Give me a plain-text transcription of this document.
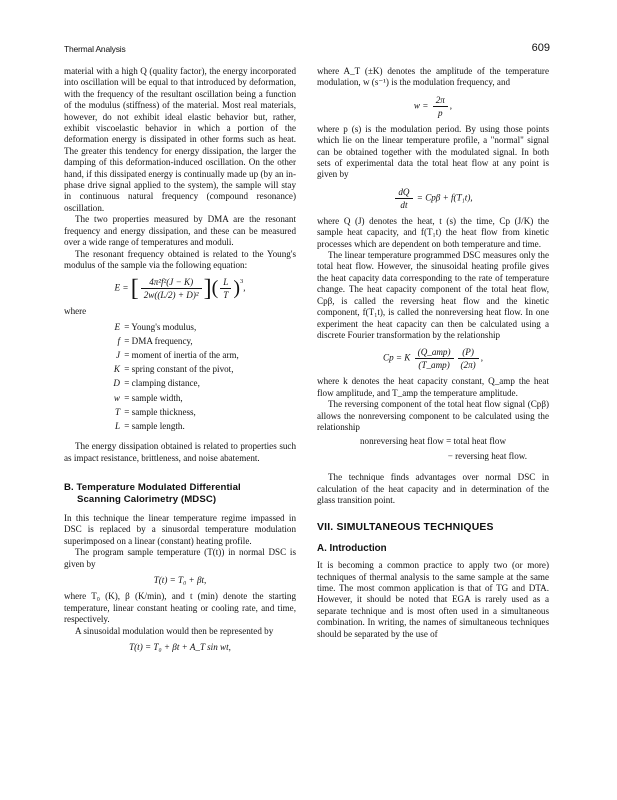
Thermal Analysis	609

material with a high Q (quality factor), the energy incorporated into oscillation will be equal to that introduced by deformation, with the frequency of the resultant oscillation being a function of the modulus (stiffness) of the material. Most real materials, however, do not exhibit ideal elastic behavior but, rather, exhibit viscoelastic behavior in which a portion of the deformation energy is dissipated in other forms such as heat. The greater this tendency for energy dissipation, the larger the damping of this deformation-induced oscillation. On the other hand, if this dissipated energy is continually made up (by an in-phase drive signal applied to the system), the sample will stay in continuous natural frequency (compound resonance) oscillation.

The two properties measured by DMA are the resonant frequency and energy dissipation, and these can be measured over a wide range of temperatures and moduli.

The resonant frequency obtained is related to the Young's modulus of the sample via the following equation:

E = [ $\frac{\text{4π²f²(J − K)}}{\text{2w((L/2) + D)²}}$ ]( $\frac{L}{T} )^3$,

where

E = Young's modulus,
f = DMA frequency,
J = moment of inertia of the arm,
K = spring constant of the pivot,
D = clamping distance,
w = sample width,
T = sample thickness,
L = sample length.

The energy dissipation obtained is related to properties such as impact resistance, brittleness, and noise abatement.

B. Temperature Modulated Differential
Scanning Calorimetry (MDSC)

In this technique the linear temperature regime impassed in DSC is replaced by a sinusordal temperature modulation superimposed on a linear (constant) heating profile.

The program sample temperature (T(t)) in normal DSC is given by

T(t) = T₀ + βt,

where T₀ (K), β (K/min), and t (min) denote the starting temperature, linear constant heating or cooling rate, and time, respectively.

A sinusoidal modulation would then be represented by

T(t) = T₀ + βt + A_T sin wt,

where A_T (±K) denotes the amplitude of the temperature modulation, w (s⁻¹) is the modulation frequency, and

$w = \frac{2\pi}{p}$ ,

where p (s) is the modulation period. By using those points which lie on the linear temperature profile, a "normal" signal can be obtained together with the modulated signal. In both sets of experimental data the total heat flow at any point is given by

$\frac{dQ}{dt} = Cp\beta + f(T_1t)$,

where Q (J) denotes the heat, t (s) the time, Cp (J/K) the sample heat capacity, and f(T₁t) the heat flow from kinetic processes which are dependent on both temperature and time.

The linear temperature programmed DSC measures only the total heat flow. However, the sinusoidal heating profile gives the heat capacity data corresponding to the rate of temperature change. The heat capacity component of the total heat flow, Cpβ, is called the reversing heat flow and the kinetic component, f(T₁t), is called the nonreversing heat flow. In one experiment the heat capacity can then be calculated using a discrete Fourier transformation by the relationship

Cp = K $\frac{\text{(Q\_amp)}}{\text{(T\_amp)}} \frac{(P)}{(2\pi)}$ ,

where k denotes the heat capacity constant, Q_amp the heat flow amplitude, and T_amp the temperature amplitude.

The reversing component of the total heat flow signal (Cpβ) allows the nonreversing component to be calculated using the relationship

nonreversing heat flow = total heat flow
− reversing heat flow.

The technique finds advantages over normal DSC in calculation of the heat capacity and in determination of the glass transition point.

VII. SIMULTANEOUS TECHNIQUES
A. Introduction

It is becoming a common practice to apply two (or more) techniques of thermal analysis to the same sample at the same time. The most common application is that of TG and DTA. However, it should be noted that EGA is rarely used as a separate technique and is most often used in a simultaneous combination. In writing, the names of simultaneous techniques should be separated by the use of
